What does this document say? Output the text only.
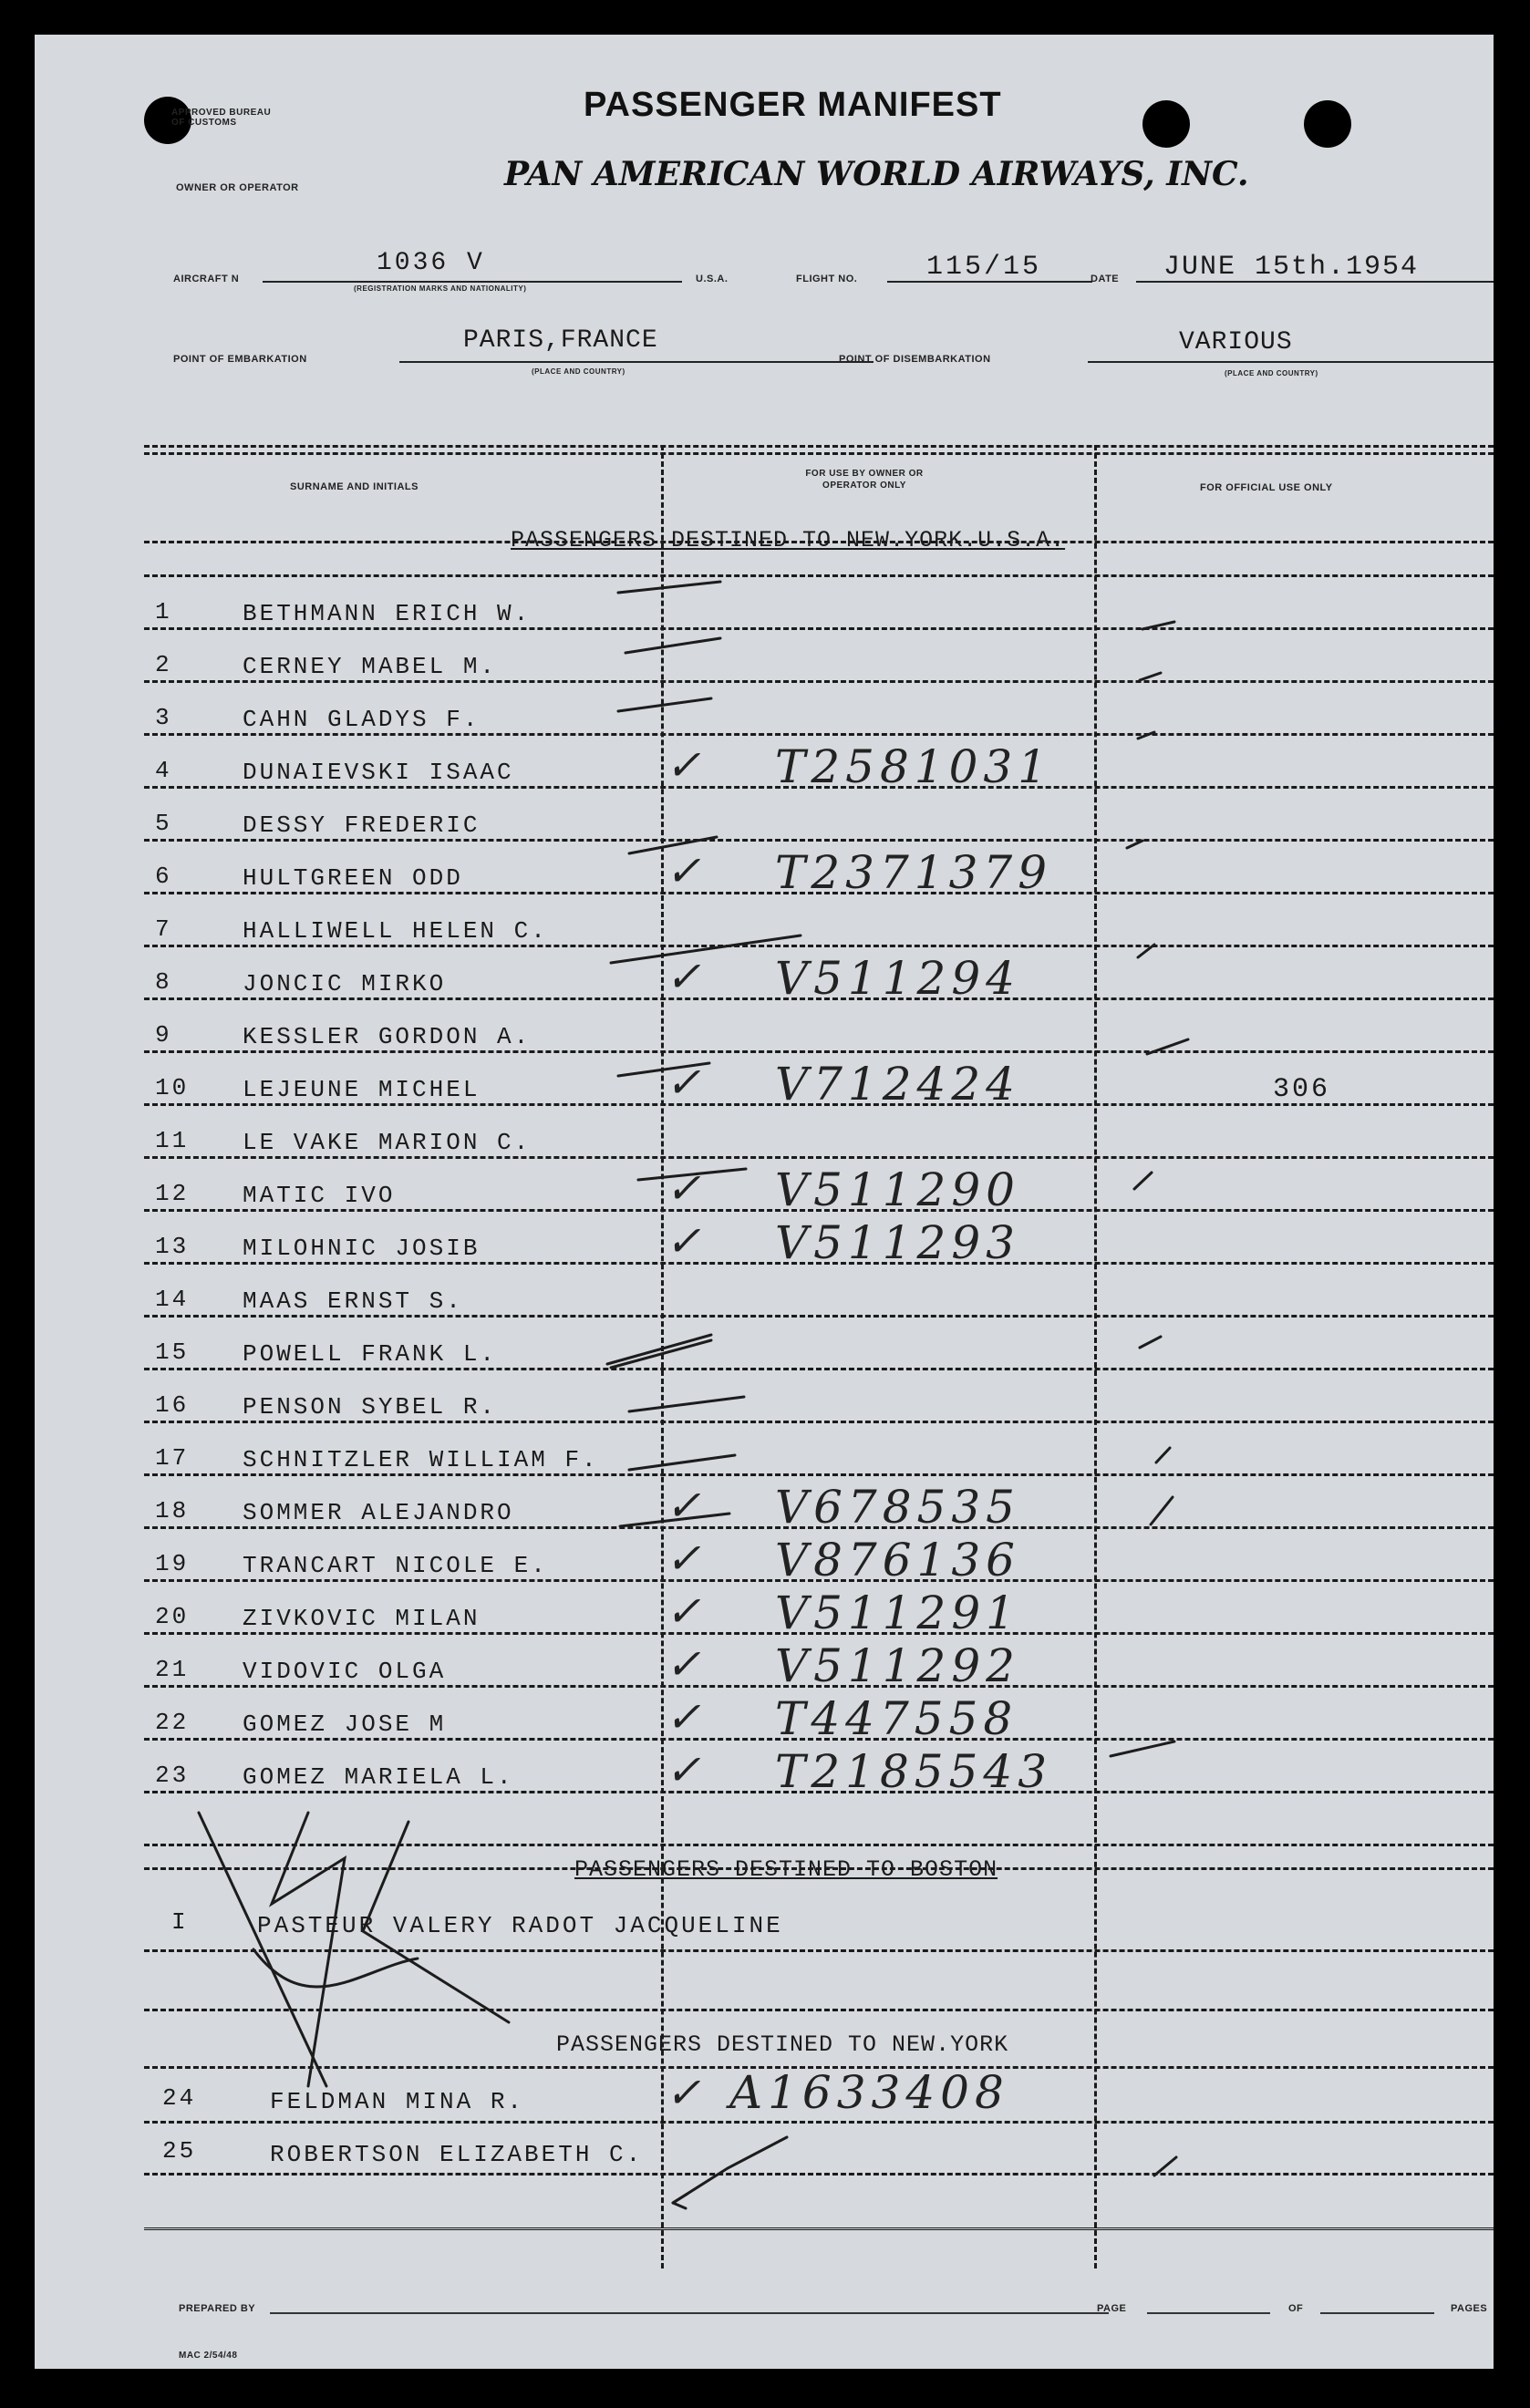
APPROVED BUREAU OF CUSTOMS
OWNER OR OPERATOR
PASSENGER MANIFEST
PAN AMERICAN WORLD AIRWAYS, INC.
AIRCRAFT N
1036 V
(REGISTRATION MARKS AND NATIONALITY)
U.S.A.	FLIGHT NO.	115/15	DATE JUNE 15th.1954
POINT OF EMBARKATION
PARIS,FRANCE
(PLACE AND COUNTRY)
POINT OF DISEMBARKATION
VARIOUS
(PLACE AND COUNTRY)
SURNAME AND INITIALS
FOR USE BY OWNER OR OPERATOR ONLY	FOR OFFICIAL USE ONLY
PASSENGERS DESTINED TO NEW.YORK.U.S.A.
1	BETHMANN ERICH W.
2	CERNEY MABEL M.
3	CAHN GLADYS F.
4	DUNAIEVSKI ISAAC	✓ T2581031
5	DESSY FREDERIC
6	HULTGREEN ODD	✓ T2371379
7	HALLIWELL HELEN C.
8	JONCIC MIRKO	✓ V511294
9	KESSLER GORDON A.
10 LEJEUNE MICHEL	✓ V712424	306
11 LE VAKE MARION C.
12 MATIC IVO	✓ V511290
13 MILOHNIC JOSIB	✓ V511293
14 MAAS ERNST S.
15 POWELL FRANK L.
16 PENSON SYBEL R.
17 SCHNITZLER WILLIAM F.
18 SOMMER ALEJANDRO	✓ V678535
19 TRANCART NICOLE E.	✓ V876136
20 ZIVKOVIC MILAN	✓ V511291
21 VIDOVIC OLGA	✓ V511292
22 GOMEZ JOSE M	✓ T447558
23 GOMEZ MARIELA L.	✓ T2185543
PASSENGERS DESTINED TO BOSTON
I	PASTEUR VALERY RADOT JACQUELINE
PASSENGERS DESTINED TO NEW.YORK
24	FELDMAN MINA R.	✓ A1633408
25	ROBERTSON ELIZABETH C.
PREPARED BY	PAGE	OF	PAGES
MAC 2/54/48
